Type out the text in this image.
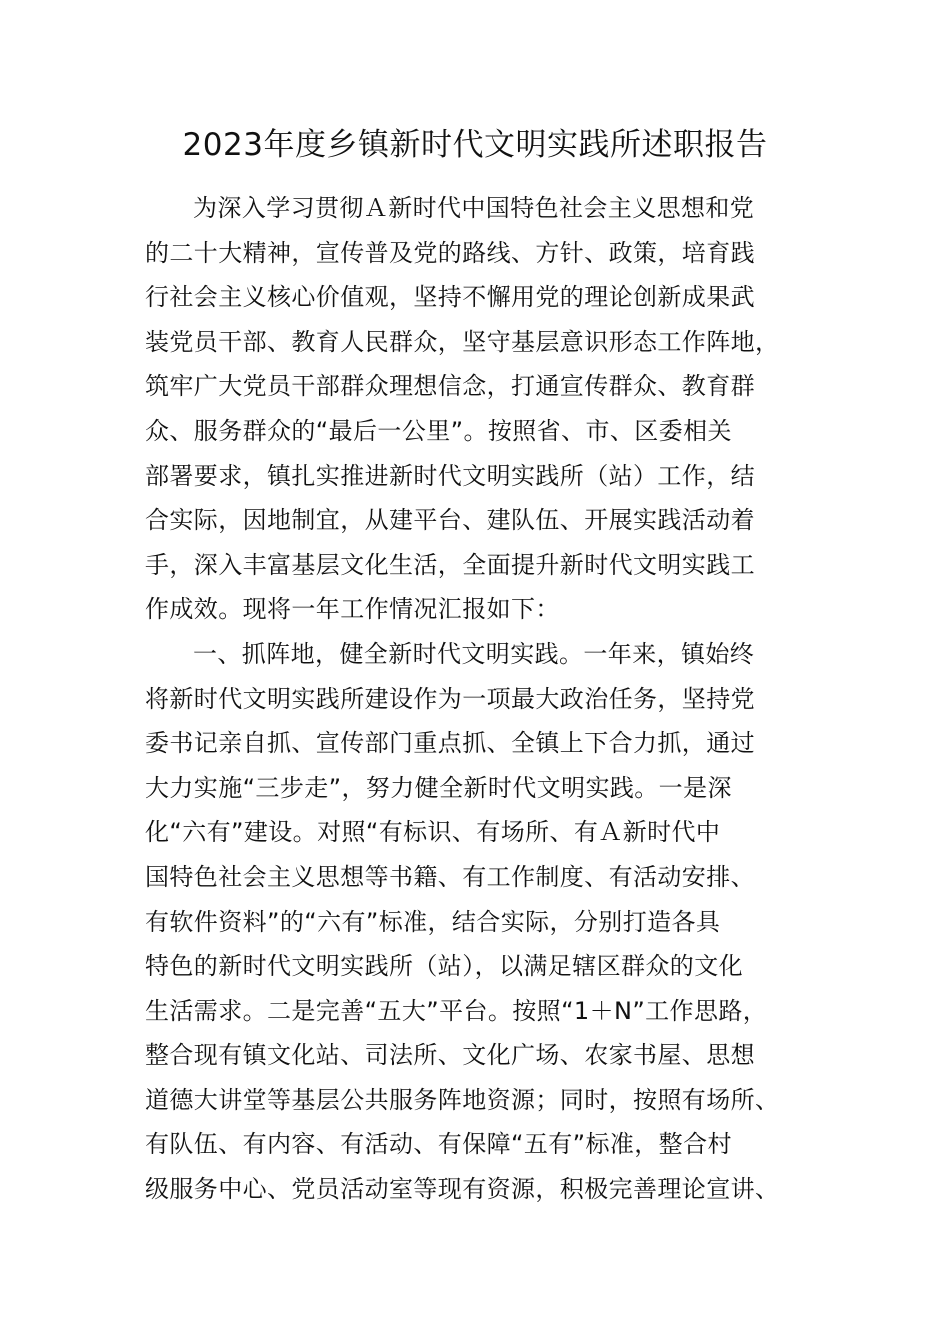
2023年度乡镇新时代文明实践所述职报告
为深入学习贯彻Ａ新时代中国特色社会主义思想和党
的二十大精神，宣传普及党的路线、方针、政策，培育践
行社会主义核心价值观，坚持不懈用党的理论创新成果武
装党员干部、教育人民群众，坚守基层意识形态工作阵地，
筑牢广大党员干部群众理想信念，打通宣传群众、教育群
众、服务群众的“最后一公里”。按照省、市、区委相关
部署要求，镇扎实推进新时代文明实践所（站）工作，结
合实际，因地制宜，从建平台、建队伍、开展实践活动着
手，深入丰富基层文化生活，全面提升新时代文明实践工
作成效。现将一年工作情况汇报如下：
一、抓阵地，健全新时代文明实践。一年来，镇始终
将新时代文明实践所建设作为一项最大政治任务，坚持党
委书记亲自抓、宣传部门重点抓、全镇上下合力抓，通过
大力实施“三步走”，努力健全新时代文明实践。一是深
化“六有”建设。对照“有标识、有场所、有Ａ新时代中
国特色社会主义思想等书籍、有工作制度、有活动安排、
有软件资料”的“六有”标准，结合实际，分别打造各具
特色的新时代文明实践所（站），以满足辖区群众的文化
生活需求。二是完善“五大”平台。按照“1＋N”工作思路，
整合现有镇文化站、司法所、文化广场、农家书屋、思想
道德大讲堂等基层公共服务阵地资源；同时，按照有场所、
有队伍、有内容、有活动、有保障“五有”标准，整合村
级服务中心、党员活动室等现有资源，积极完善理论宣讲、
